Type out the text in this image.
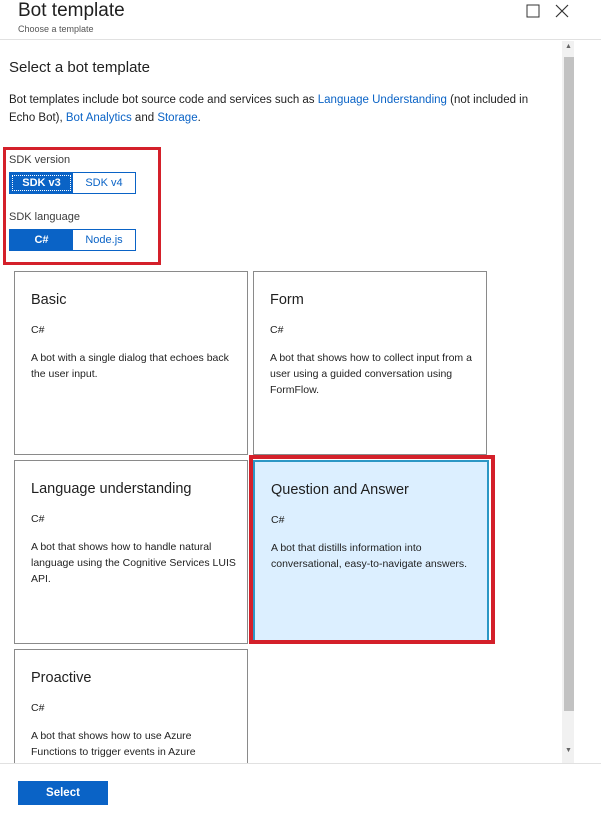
Bot template
Choose a template
Select a bot template
Bot templates include bot source code and services such as Language Understanding (not included in Echo Bot), Bot Analytics and Storage.
SDK version
SDK v3	SDK v4
SDK language
C#	Node.js
Basic
C#
A bot with a single dialog that echoes back the user input.
Form
C#
A bot that shows how to collect input from a user using a guided conversation using FormFlow.
Language understanding
C#
A bot that shows how to handle natural language using the Cognitive Services LUIS API.
Question and Answer
C#
A bot that distills information into conversational, easy-to-navigate answers.
Proactive
C#
A bot that shows how to use Azure Functions to trigger events in Azure
▲
▼
Select
